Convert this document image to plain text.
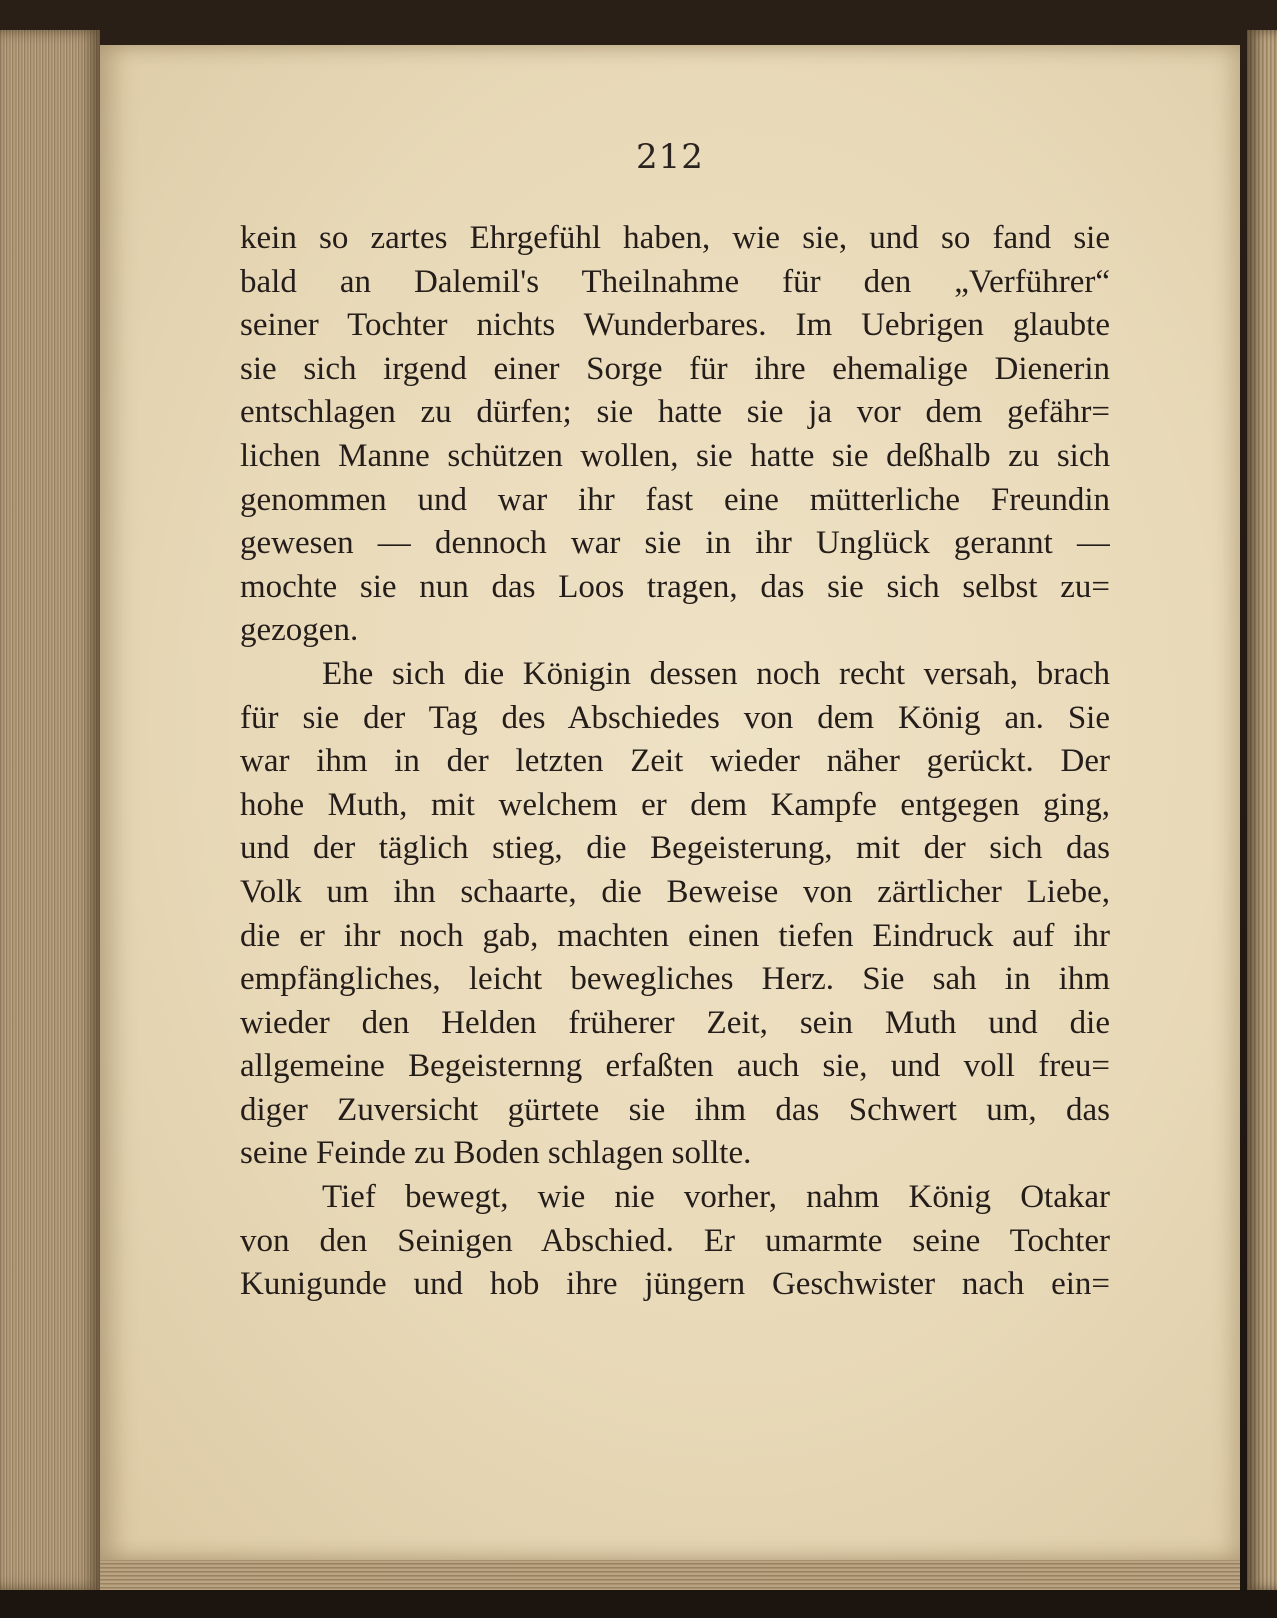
212
kein so zartes Ehrgefühl haben, wie sie, und so fand sie
bald an Dalemil's Theilnahme für den „Verführer“
seiner Tochter nichts Wunderbares. Im Uebrigen glaubte
sie sich irgend einer Sorge für ihre ehemalige Dienerin
entschlagen zu dürfen; sie hatte sie ja vor dem gefähr=
lichen Manne schützen wollen, sie hatte sie deßhalb zu sich
genommen und war ihr fast eine mütterliche Freundin
gewesen — dennoch war sie in ihr Unglück gerannt —
mochte sie nun das Loos tragen, das sie sich selbst zu=
gezogen.
Ehe sich die Königin dessen noch recht versah, brach
für sie der Tag des Abschiedes von dem König an. Sie
war ihm in der letzten Zeit wieder näher gerückt. Der
hohe Muth, mit welchem er dem Kampfe entgegen ging,
und der täglich stieg, die Begeisterung, mit der sich das
Volk um ihn schaarte, die Beweise von zärtlicher Liebe,
die er ihr noch gab, machten einen tiefen Eindruck auf ihr
empfängliches, leicht bewegliches Herz. Sie sah in ihm
wieder den Helden früherer Zeit, sein Muth und die
allgemeine Begeisternng erfaßten auch sie, und voll freu=
diger Zuversicht gürtete sie ihm das Schwert um, das
seine Feinde zu Boden schlagen sollte.
Tief bewegt, wie nie vorher, nahm König Otakar
von den Seinigen Abschied. Er umarmte seine Tochter
Kunigunde und hob ihre jüngern Geschwister nach ein=
